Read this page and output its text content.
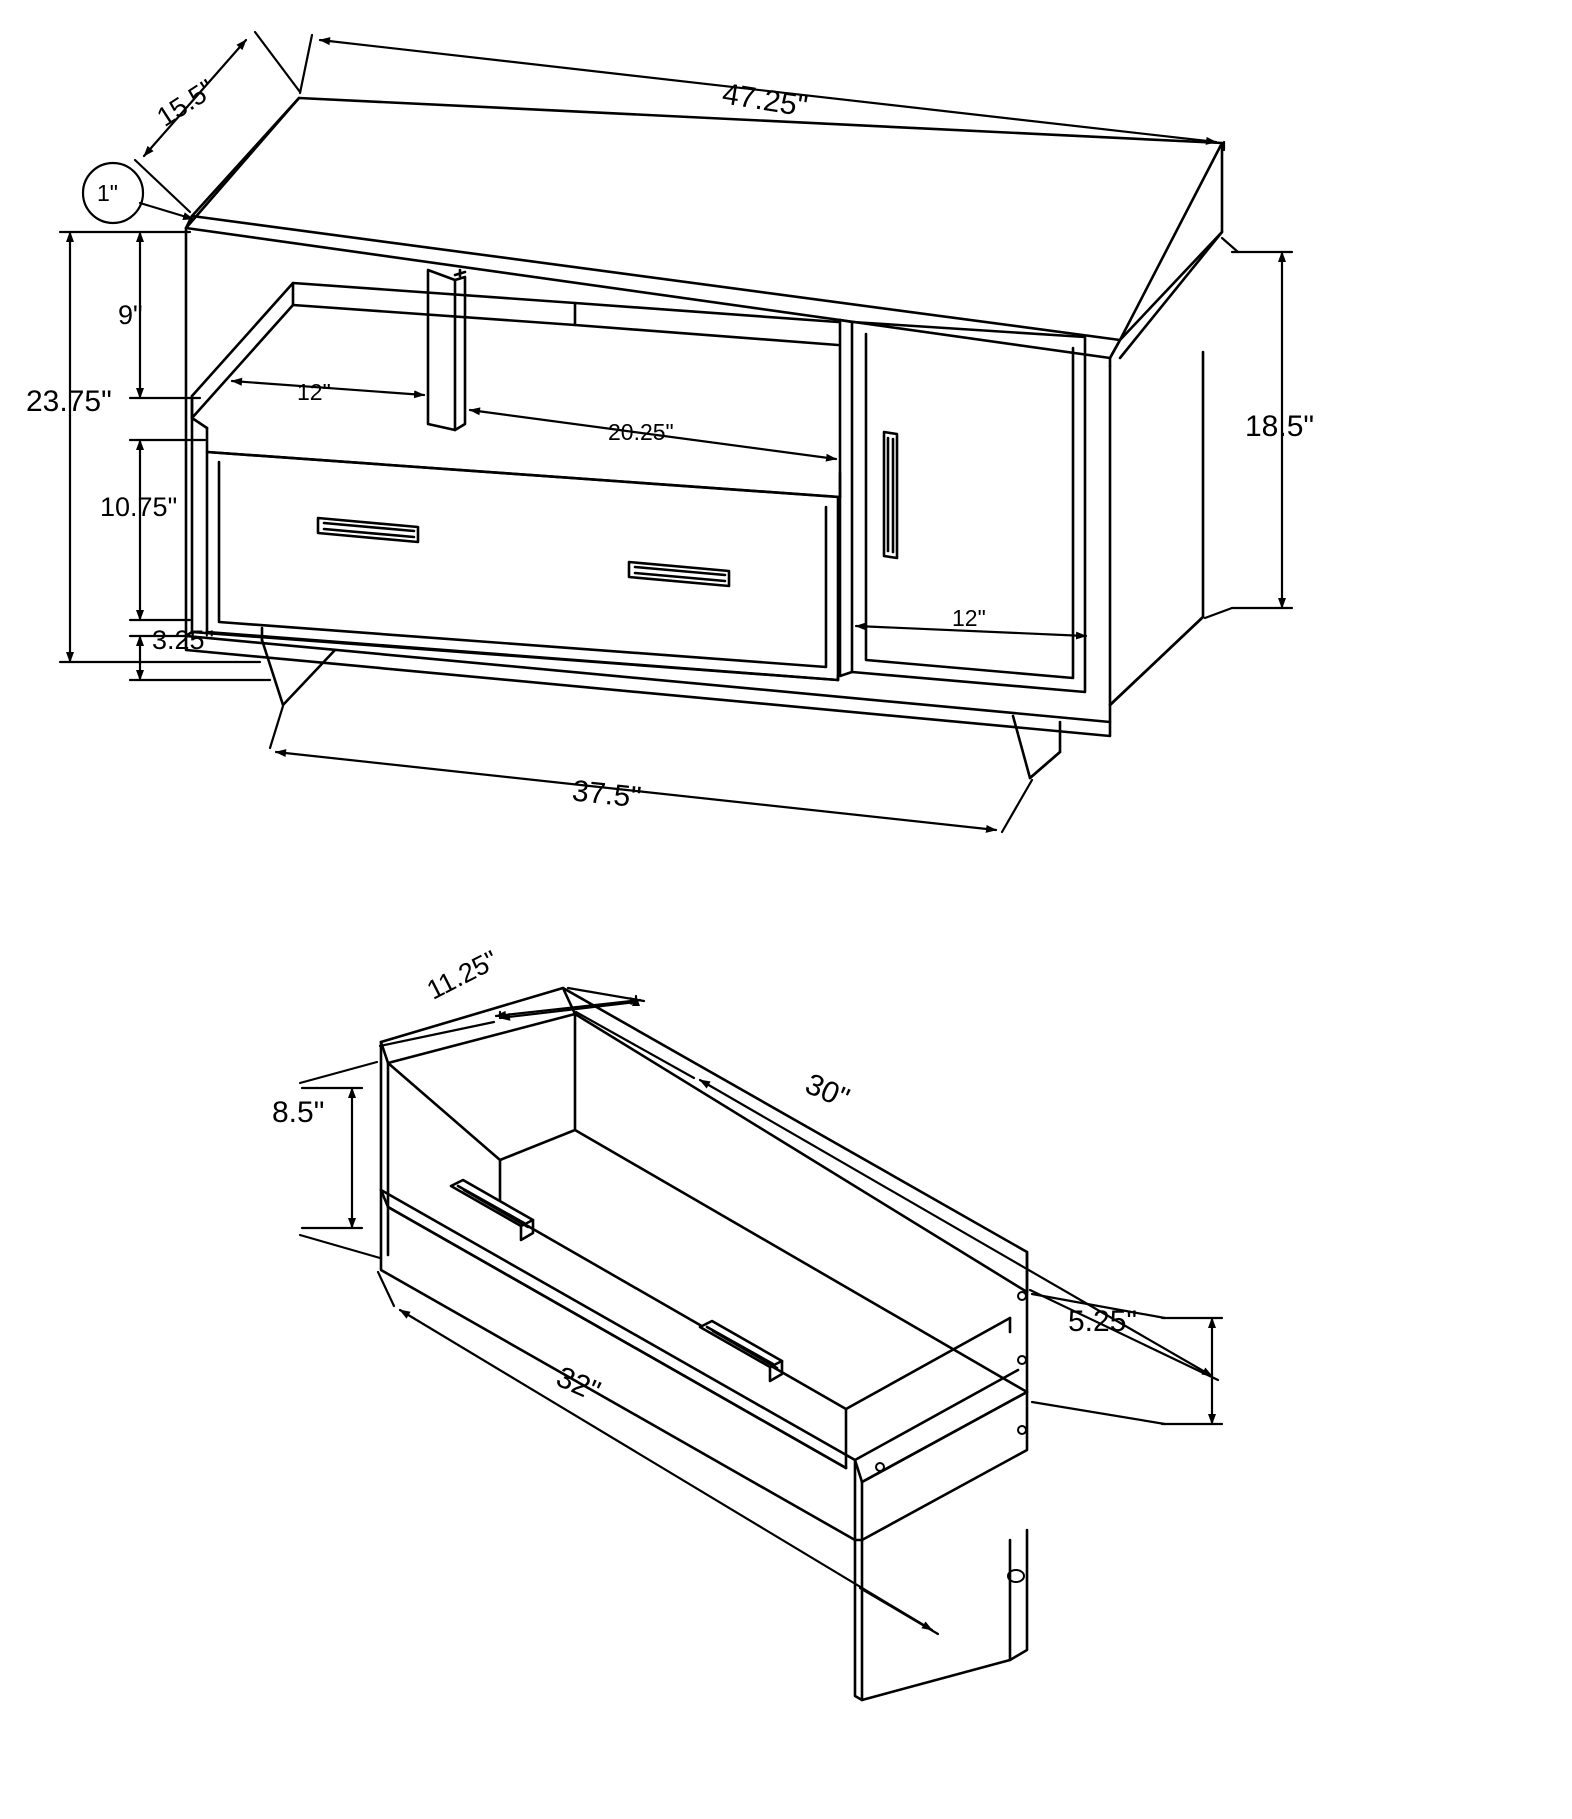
15.5"	47.25"
1"
9"
23.75"	12"
20.25"
10.75"
3.25"
18.5"
12"
37.5"
11.25"
30"
8.5"
32"
5.25"
